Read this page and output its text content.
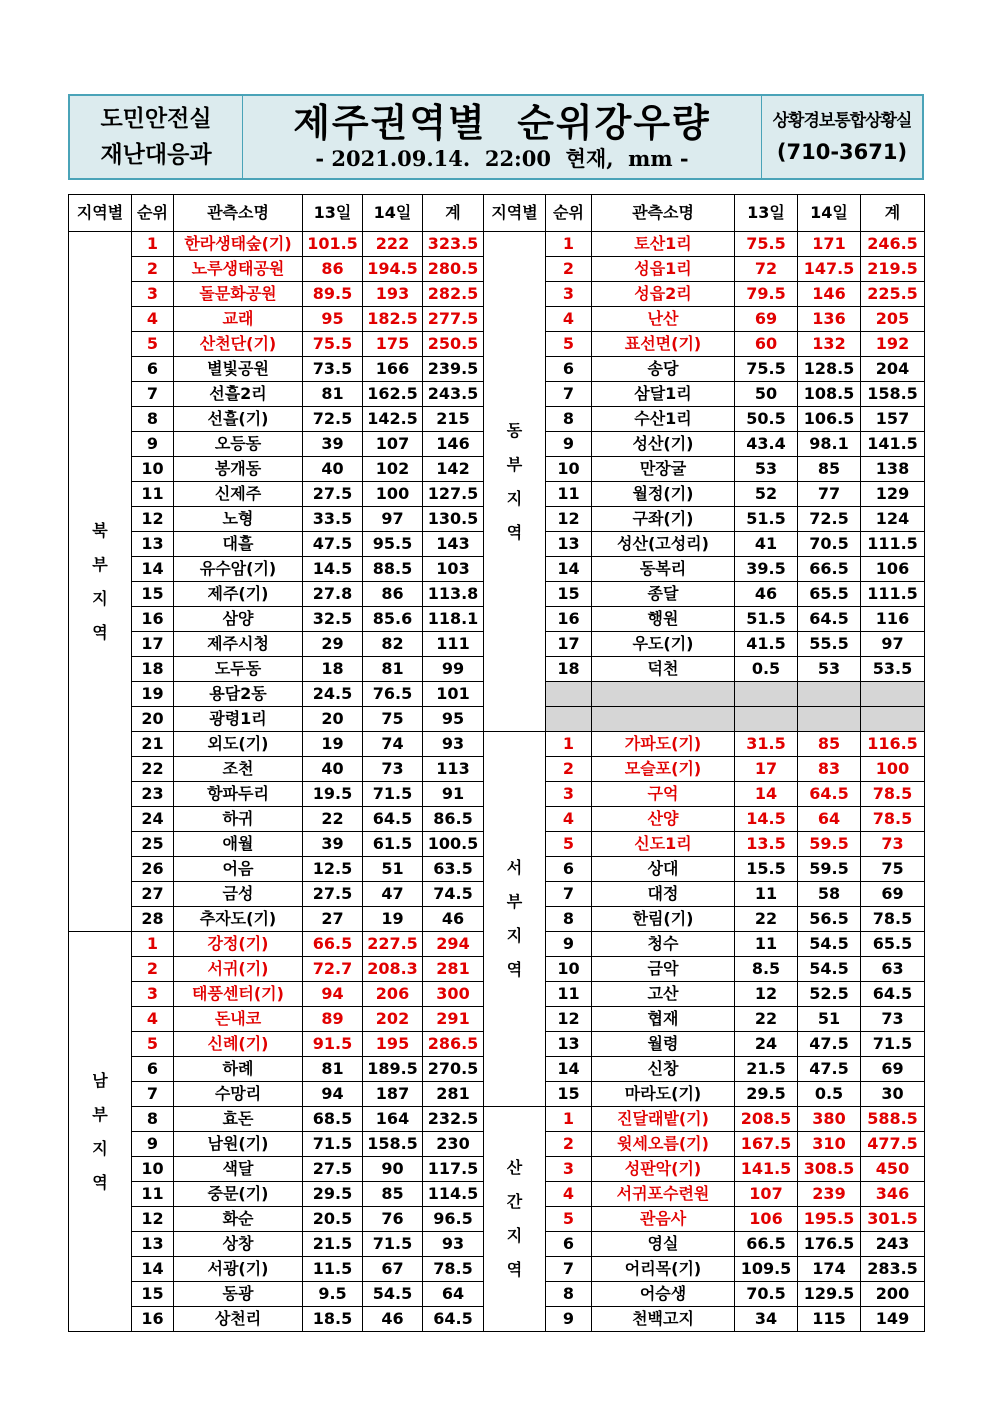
도민안전실
재난대응과
제주권역별  순위강우량
- 2021.09.14.  22:00  현재,  mm -
상황경보통합상황실
(710-3671)
지역별	순위	관측소명	13일	14일	계

북
부
지
역	1	한라생태숲(기)	101.5	222	323.5
	2	노루생태공원	86	194.5	280.5
	3	돌문화공원	89.5	193	282.5
	4	교래	95	182.5	277.5
	5	산천단(기)	75.5	175	250.5
	6	별빛공원	73.5	166	239.5
	7	선흘2리	81	162.5	243.5
	8	선흘(기)	72.5	142.5	215
	9	오등동	39	107	146
	10	봉개동	40	102	142
	11	신제주	27.5	100	127.5
	12	노형	33.5	97	130.5
	13	대흘	47.5	95.5	143
	14	유수암(기)	14.5	88.5	103
	15	제주(기)	27.8	86	113.8
	16	삼양	32.5	85.6	118.1
	17	제주시청	29	82	111
	18	도두동	18	81	99
	19	용담2동	24.5	76.5	101
	20	광령1리	20	75	95
	21	외도(기)	19	74	93
	22	조천	40	73	113
	23	항파두리	19.5	71.5	91
	24	하귀	22	64.5	86.5
	25	애월	39	61.5	100.5
	26	어음	12.5	51	63.5
	27	금성	27.5	47	74.5
	28	추자도(기)	27	19	46

남
부
지
역	1	강정(기)	66.5	227.5	294
	2	서귀(기)	72.7	208.3	281
	3	태풍센터(기)	94	206	300
	4	돈내코	89	202	291
	5	신례(기)	91.5	195	286.5
	6	하례	81	189.5	270.5
	7	수망리	94	187	281
	8	효돈	68.5	164	232.5
	9	남원(기)	71.5	158.5	230
	10	색달	27.5	90	117.5
	11	중문(기)	29.5	85	114.5
	12	화순	20.5	76	96.5
	13	상창	21.5	71.5	93
	14	서광(기)	11.5	67	78.5
	15	동광	9.5	54.5	64
	16	상천리	18.5	46	64.5
지역별	순위	관측소명	13일	14일	계

동
부
지
역	1	토산1리	75.5	171	246.5
	2	성읍1리	72	147.5	219.5
	3	성읍2리	79.5	146	225.5
	4	난산	69	136	205
	5	표선면(기)	60	132	192
	6	송당	75.5	128.5	204
	7	삼달1리	50	108.5	158.5
	8	수산1리	50.5	106.5	157
	9	성산(기)	43.4	98.1	141.5
	10	만장굴	53	85	138
	11	월정(기)	52	77	129
	12	구좌(기)	51.5	72.5	124
	13	성산(고성리)	41	70.5	111.5
	14	동복리	39.5	66.5	106
	15	종달	46	65.5	111.5
	16	행원	51.5	64.5	116
	17	우도(기)	41.5	55.5	97
	18	덕천	0.5	53	53.5

서
부
지
역	1	가파도(기)	31.5	85	116.5
	2	모슬포(기)	17	83	100
	3	구억	14	64.5	78.5
	4	산양	14.5	64	78.5
	5	신도1리	13.5	59.5	73
	6	상대	15.5	59.5	75
	7	대정	11	58	69
	8	한림(기)	22	56.5	78.5
	9	청수	11	54.5	65.5
	10	금악	8.5	54.5	63
	11	고산	12	52.5	64.5
	12	협재	22	51	73
	13	월령	24	47.5	71.5
	14	신창	21.5	47.5	69
	15	마라도(기)	29.5	0.5	30

산
간
지
역	1	진달래밭(기)	208.5	380	588.5
	2	윗세오름(기)	167.5	310	477.5
	3	성판악(기)	141.5	308.5	450
	4	서귀포수련원	107	239	346
	5	관음사	106	195.5	301.5
	6	영실	66.5	176.5	243
	7	어리목(기)	109.5	174	283.5
	8	어승생	70.5	129.5	200
	9	천백고지	34	115	149
